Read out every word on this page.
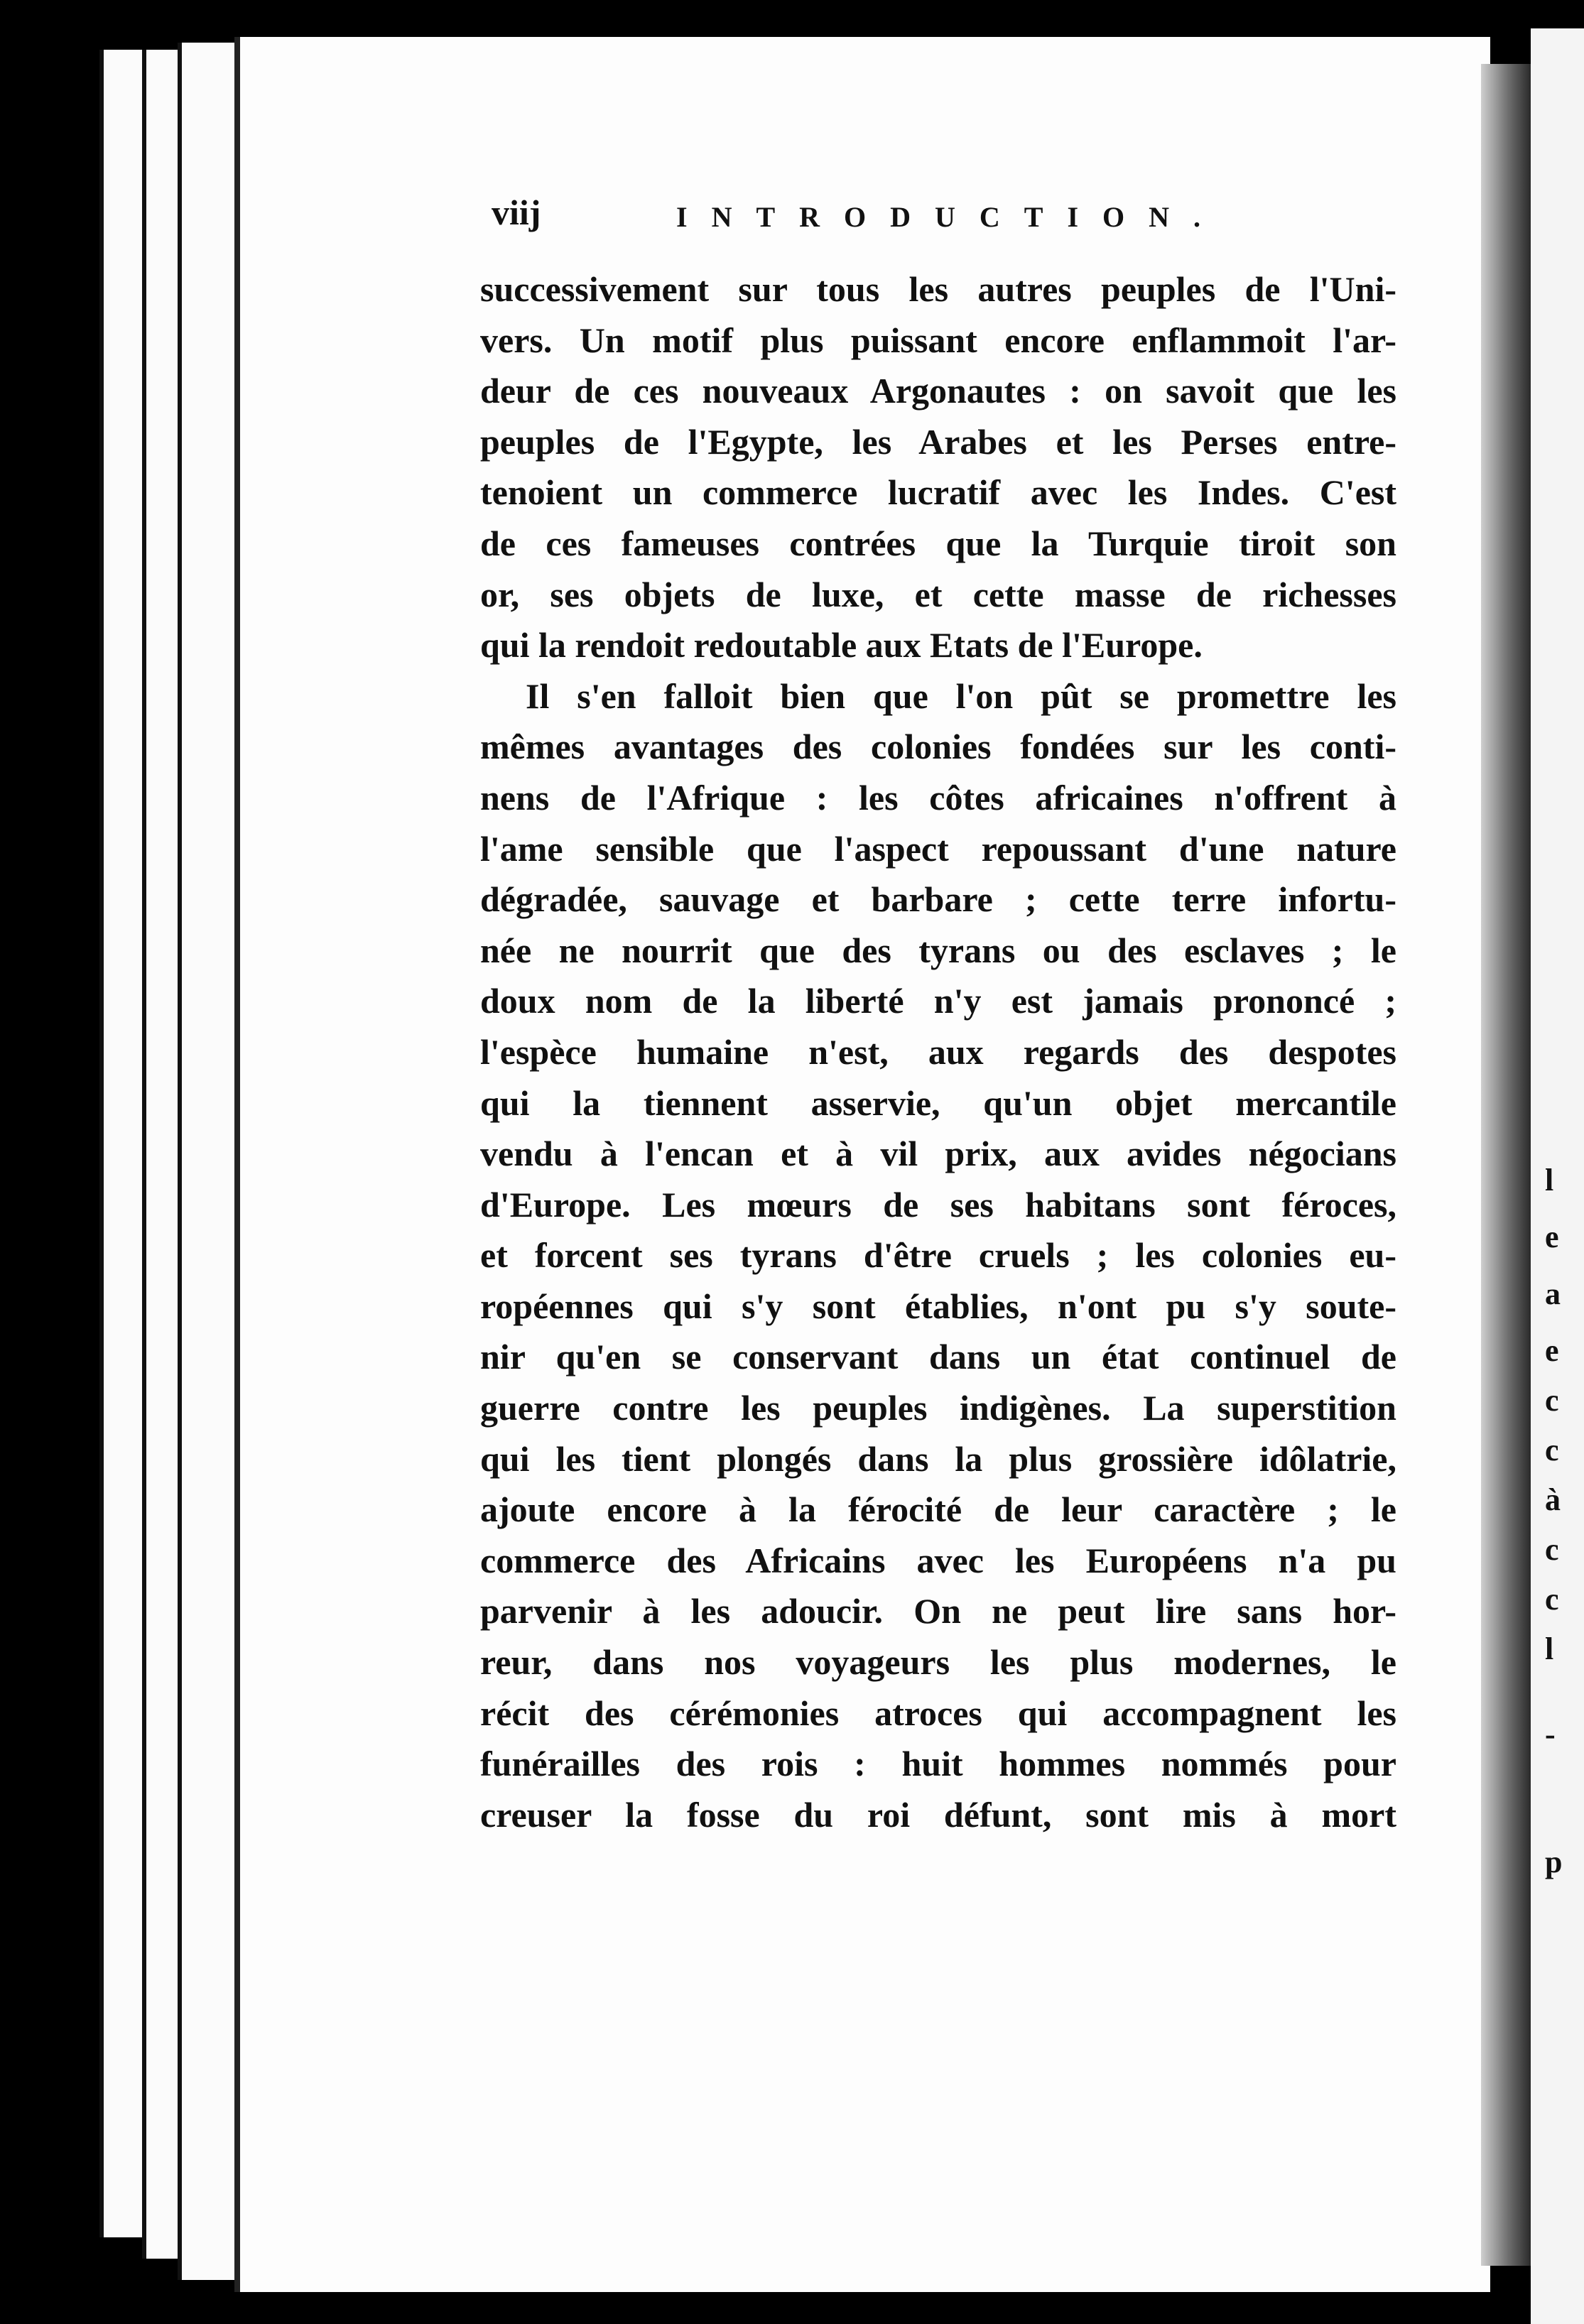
l
e
a
e
c
c
à
c
c
l
-
p
viij	INTRODUCTION.
successivement sur tous les autres peuples de l'Uni-
vers. Un motif plus puissant encore enflammoit l'ar-
deur de ces nouveaux Argonautes : on savoit que les
peuples de l'Egypte, les Arabes et les Perses entre-
tenoient un commerce lucratif avec les Indes. C'est
de ces fameuses contrées que la Turquie tiroit son
or, ses objets de luxe, et cette masse de richesses
qui la rendoit redoutable aux Etats de l'Europe.
Il s'en falloit bien que l'on pût se promettre les
mêmes avantages des colonies fondées sur les conti-
nens de l'Afrique : les côtes africaines n'offrent à
l'ame sensible que l'aspect repoussant d'une nature
dégradée, sauvage et barbare ; cette terre infortu-
née ne nourrit que des tyrans ou des esclaves ; le
doux nom de la liberté n'y est jamais prononcé ;
l'espèce humaine n'est, aux regards des despotes
qui la tiennent asservie, qu'un objet mercantile
vendu à l'encan et à vil prix, aux avides négocians
d'Europe. Les mœurs de ses habitans sont féroces,
et forcent ses tyrans d'être cruels ; les colonies eu-
ropéennes qui s'y sont établies, n'ont pu s'y soute-
nir qu'en se conservant dans un état continuel de
guerre contre les peuples indigènes. La superstition
qui les tient plongés dans la plus grossière idôlatrie,
ajoute encore à la férocité de leur caractère ; le
commerce des Africains avec les Européens n'a pu
parvenir à les adoucir. On ne peut lire sans hor-
reur, dans nos voyageurs les plus modernes, le
récit des cérémonies atroces qui accompagnent les
funérailles des rois : huit hommes nommés pour
creuser la fosse du roi défunt, sont mis à mort
